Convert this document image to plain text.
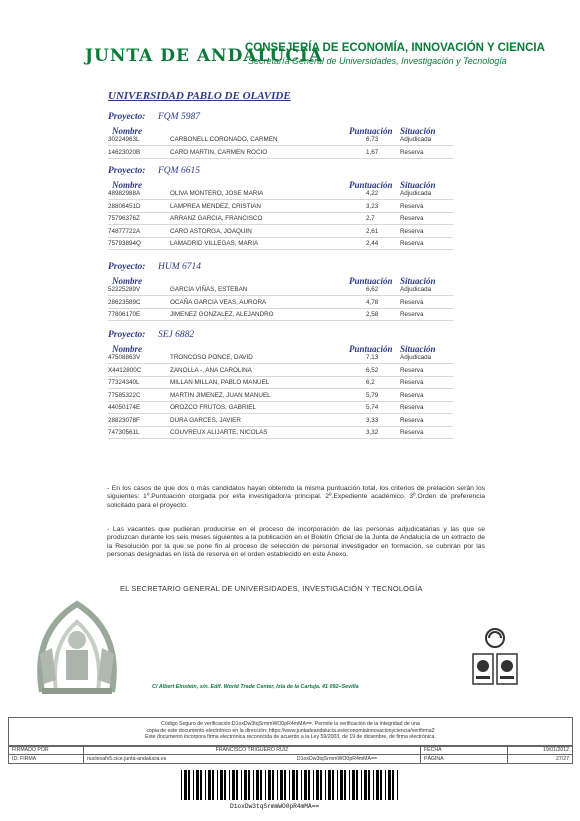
JUNTA DE ANDALUCIA
CONSEJERÍA DE ECONOMÍA, INNOVACIÓN Y CIENCIA
Secretaría General de Universidades, Investigación y Tecnología
UNIVERSIDAD PABLO DE OLAVIDE
Proyecto: FQM 5987
Nombre	Puntuación Situación
30224963L	CARBONELL CORONADO, CARMEN	6,73	Adjudicada
14623020B	CARO MARTIN, CARMEN ROCIO	1,67	Reserva
Proyecto: FQM 6615
Nombre	Puntuación Situación
48982988A	OLIVA MONTERO, JOSE MARIA	4,22	Adjudicada
28806451D	LAMPREA MENDEZ, CRISTIAN	3,23	Reserva
75796376Z	ARRANZ GARCIA, FRANCISCO	2,7	Reserva
74877722A	CARO ASTORGA, JOAQUIN	2,61	Reserva
75793894Q	LAMADRID VILLEGAS, MARIA	2,44	Reserva
Proyecto: HUM 6714
Nombre	Puntuación Situación
52225289V	GARCIA VIÑAS, ESTEBAN	6,62	Adjudicada
28623589C	OCAÑA GARCIA VEAS, AURORA	4,78	Reserva
77806170E	JIMENEZ GONZALEZ, ALEJANDRO	2,58	Reserva
Proyecto: SEJ 6882
Nombre	Puntuación Situación
47508863V	TRONCOSO PONCE, DAVID	7,13	Adjudicada
X4412800C	ZANOLLA -, ANA CAROLINA	6,52	Reserva
77324340L	MILLAN MILLAN, PABLO MANUEL	6,2	Reserva
77585322C	MARTIN JIMENEZ, JUAN MANUEL	5,79	Reserva
44050174E	OROZCO FRUTOS, GABRIEL	5,74	Reserva
28823078F	DURA GARCES, JAVIER	3,33	Reserva
74730561L	COUVREUX ALIJARTE, NICOLAS	3,32	Reserva
- En los casos de que dos o más candidatos hayan obtenido la misma puntuación total, los criterios de prelación serán los siguientes: 1º.Puntuación otorgada por el/la investigador/a principal. 2º.Expediente académico. 3º.Orden de preferencia solicitado para el proyecto.
- Las vacantes que pudieran producirse en el proceso de incorporación de las personas adjudicatarias y las que se produzcan durante los seis meses siguientes a la publicación en el Boletín Oficial de la Junta de Andalucía de un extracto de la Resolución por la que se pone fin al proceso de selección de personal investigador en formación, se cubrirán por las personas designadas en lista de reserva en el orden establecido en este Anexo.
EL SECRETARIO GENERAL DE UNIVERSIDADES, INVESTIGACIÓN Y TECNOLOGÍA
C/ Albert Einstein, s/n. Edif. World Trade Center, Isla de la Cartuja. 41 092–Sevilla
Código Seguro de verificación:D1oxDw3tqSrmmWO0pR4mMA==. Permite la verificación de la integridad de una
copia de este documento electrónico en la dirección: https://www.juntadeandalucia.es/economiainnovacionyciencia/verifirma2
Este documento incorpora firma electrónica reconocida de acuerdo a la Ley 59/2003, de 19 de diciembre, de firma electrónica.
FIRMADO POR	FRANCISCO TRIGUERO RUIZ	FECHA	19/01/2012
ID. FIRMA	nucleoafv5.cice.junta-andalucia.es D1oxDw3tqSrmmWO0pR4mMA==	PÁGINA	27/27
D1oxDw3tqSrmmWO0pR4mMA==
